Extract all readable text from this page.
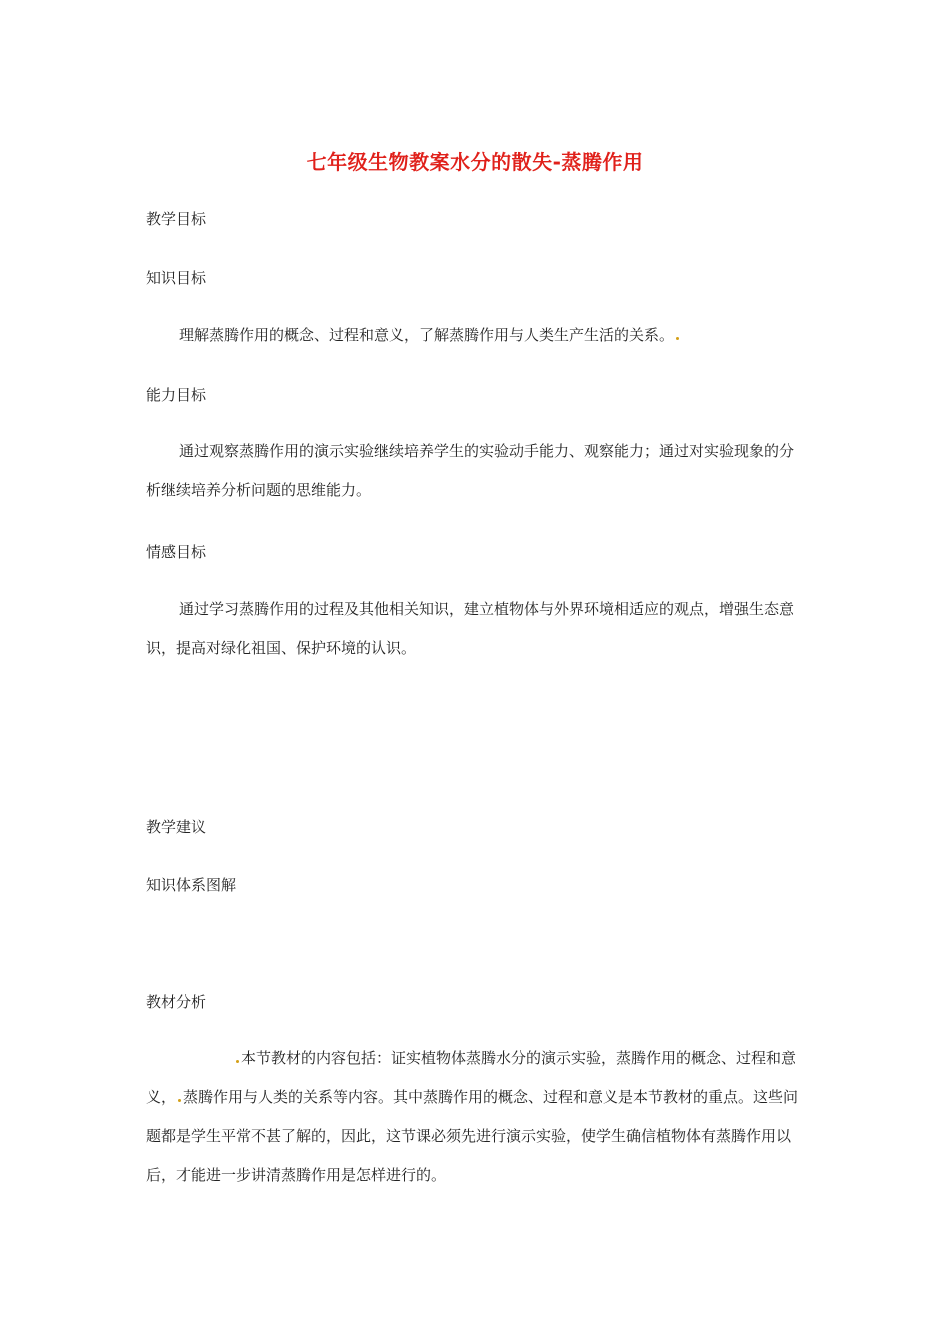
七年级生物教案水分的散失-蒸腾作用
教学目标
知识目标
理解蒸腾作用的概念、过程和意义，了解蒸腾作用与人类生产生活的关系。
能力目标
通过观察蒸腾作用的演示实验继续培养学生的实验动手能力、观察能力；通过对实验现象的分析继续培养分析问题的思维能力。
情感目标
通过学习蒸腾作用的过程及其他相关知识，建立植物体与外界环境相适应的观点，增强生态意识，提高对绿化祖国、保护环境的认识。
教学建议
知识体系图解
教材分析
本节教材的内容包括：证实植物体蒸腾水分的演示实验，蒸腾作用的概念、过程和意义， 蒸腾作用与人类的关系等内容。其中蒸腾作用的概念、过程和意义是本节教材的重点。这些问题都是学生平常不甚了解的，因此，这节课必须先进行演示实验，使学生确信植物体有蒸腾作用以后，才能进一步讲清蒸腾作用是怎样进行的。
